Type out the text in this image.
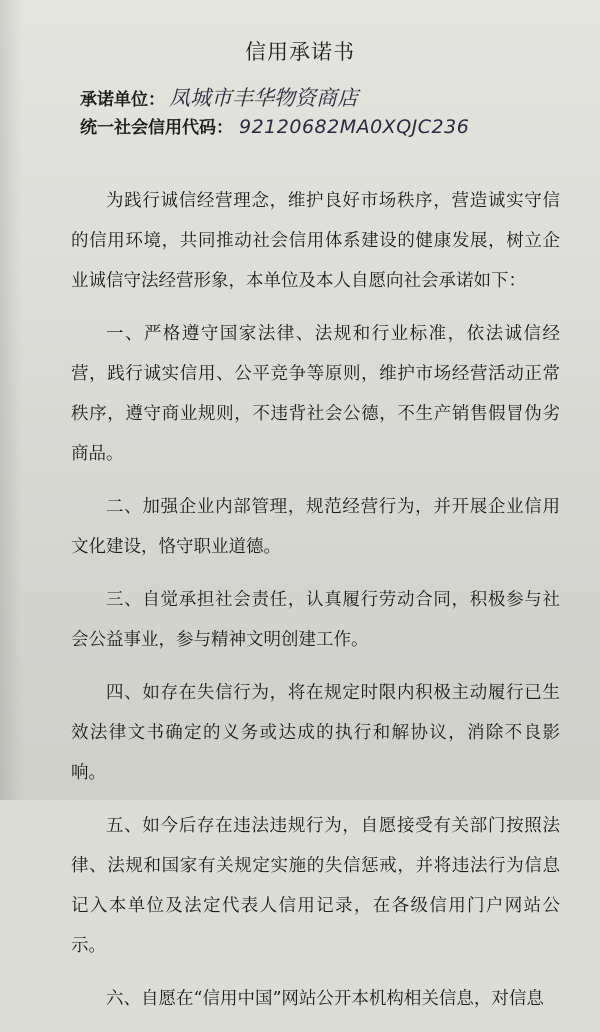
信用承诺书
承诺单位： 凤城市丰华物资商店
统一社会信用代码： 92120682MA0XQJC236

为践行诚信经营理念，维护良好市场秩序，营造诚实守信的信用环境，共同推动社会信用体系建设的健康发展，树立企业诚信守法经营形象，本单位及本人自愿向社会承诺如下：

一、严格遵守国家法律、法规和行业标准，依法诚信经营，践行诚实信用、公平竞争等原则，维护市场经营活动正常秩序，遵守商业规则，不违背社会公德，不生产销售假冒伪劣商品。

二、加强企业内部管理，规范经营行为，并开展企业信用文化建设，恪守职业道德。

三、自觉承担社会责任，认真履行劳动合同，积极参与社会公益事业，参与精神文明创建工作。

四、如存在失信行为，将在规定时限内积极主动履行已生效法律文书确定的义务或达成的执行和解协议，消除不良影响。

五、如今后存在违法违规行为，自愿接受有关部门按照法律、法规和国家有关规定实施的失信惩戒，并将违法行为信息记入本单位及法定代表人信用记录，在各级信用门户网站公示。

六、自愿在“信用中国”网站公开本机构相关信息，对信息
